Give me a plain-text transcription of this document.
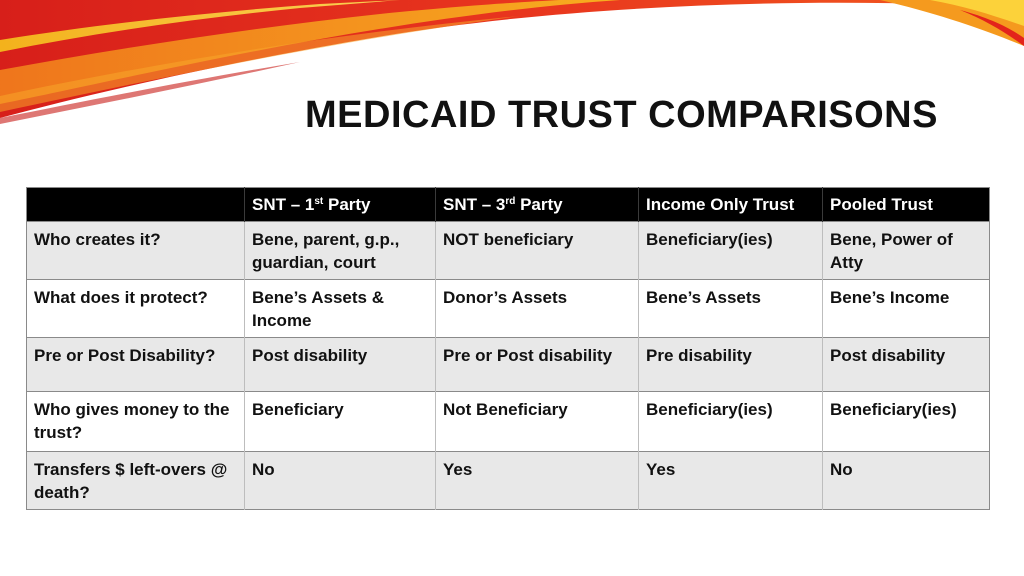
MEDICAID TRUST COMPARISONS
	SNT – 1st Party	SNT – 3rd Party	Income Only Trust	Pooled Trust
Who creates it?	Bene, parent, g.p., guardian, court	NOT beneficiary	Beneficiary(ies)	Bene, Power of Atty
What does it protect?	Bene’s Assets & Income	Donor’s Assets	Bene’s Assets	Bene’s Income
Pre or Post Disability?	Post disability	Pre or Post disability	Pre disability	Post disability
Who gives money to the trust?	Beneficiary	Not Beneficiary	Beneficiary(ies)	Beneficiary(ies)
Transfers $ left-overs @ death?	No	Yes	Yes	No
